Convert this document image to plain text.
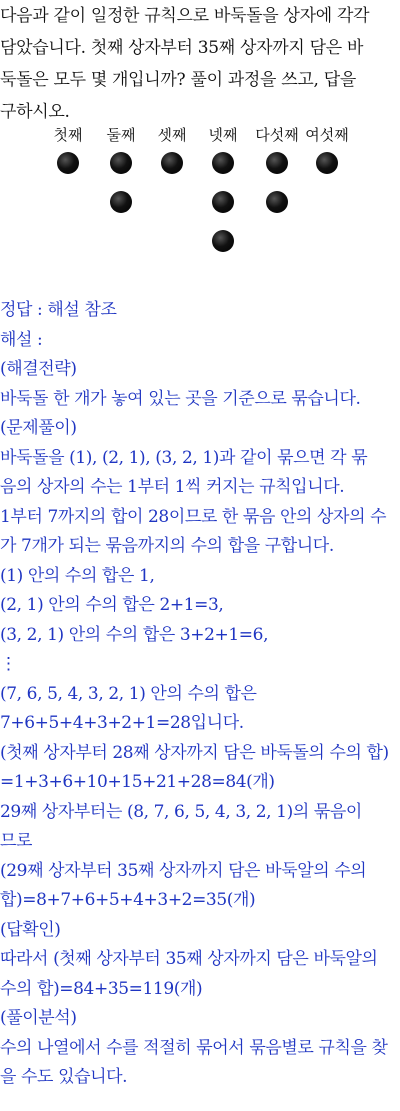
다음과 같이 일정한 규칙으로 바둑돌을 상자에 각각
담았습니다. 첫째 상자부터 35째 상자까지 담은 바
둑돌은 모두 몇 개입니까? 풀이 과정을 쓰고, 답을
구하시오.
첫째 둘째 셋째 넷째 다섯째 여섯째
정답 : 해설 참조
해설 :
(해결전략)
바둑돌 한 개가 놓여 있는 곳을 기준으로 묶습니다.
(문제풀이)
바둑돌을 (1), (2, 1), (3, 2, 1)과 같이 묶으면 각 묶
음의 상자의 수는 1부터 1씩 커지는 규칙입니다.
1부터 7까지의 합이 28이므로 한 묶음 안의 상자의 수
가 7개가 되는 묶음까지의 수의 합을 구합니다.
(1) 안의 수의 합은 1,
(2, 1) 안의 수의 합은 2+1=3,
(3, 2, 1) 안의 수의 합은 3+2+1=6,
⋮
(7, 6, 5, 4, 3, 2, 1) 안의 수의 합은
7+6+5+4+3+2+1=28입니다.
(첫째 상자부터 28째 상자까지 담은 바둑돌의 수의 합)
=1+3+6+10+15+21+28=84(개)
29째 상자부터는 (8, 7, 6, 5, 4, 3, 2, 1)의 묶음이
므로
(29째 상자부터 35째 상자까지 담은 바둑알의 수의
합)=8+7+6+5+4+3+2=35(개)
(답확인)
따라서 (첫째 상자부터 35째 상자까지 담은 바둑알의
수의 합)=84+35=119(개)
(풀이분석)
수의 나열에서 수를 적절히 묶어서 묶음별로 규칙을 찾
을 수도 있습니다.
